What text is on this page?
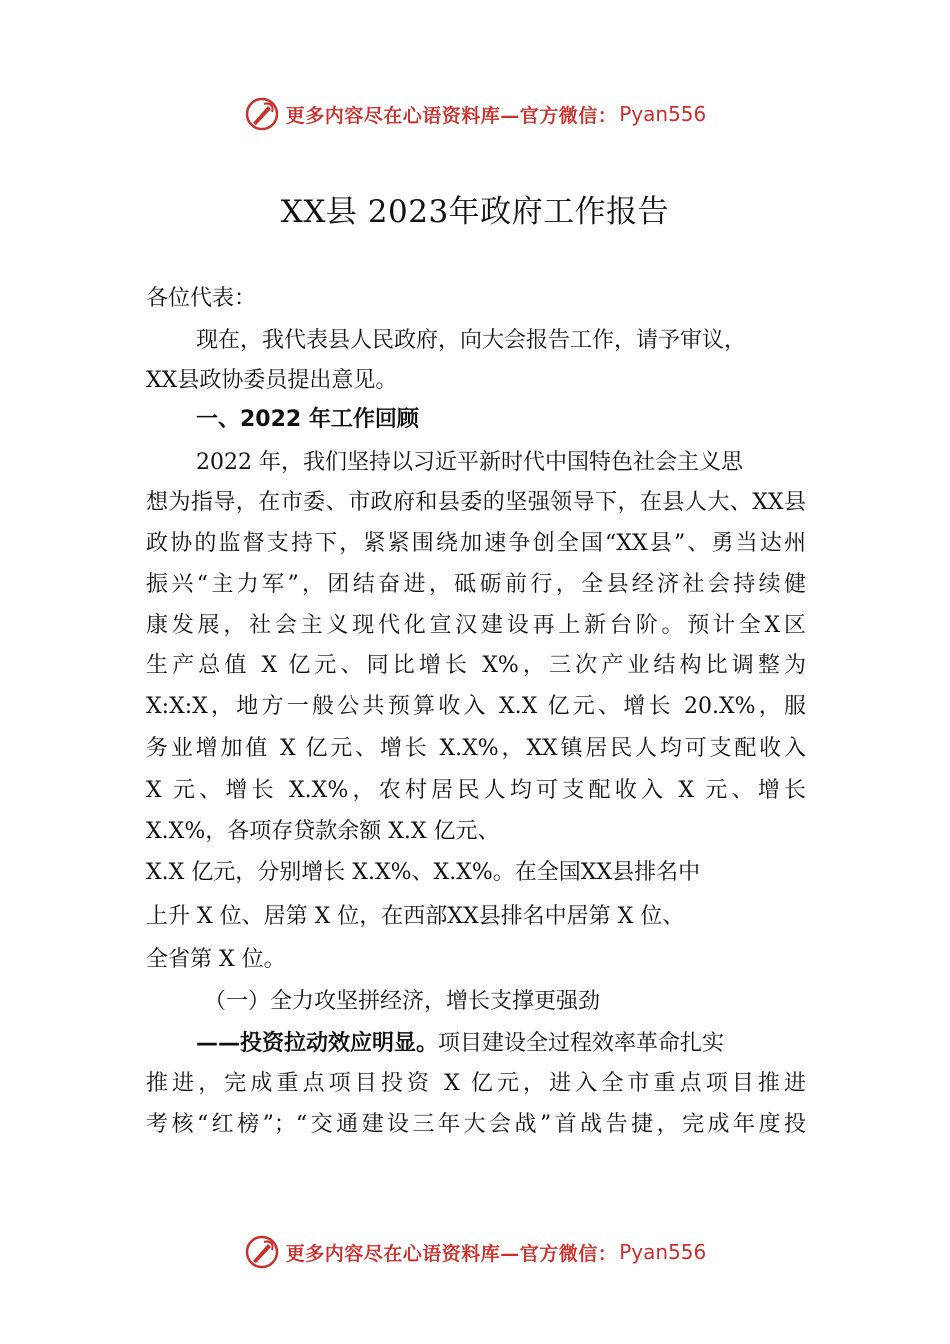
更多内容尽在心语资料库—官方微信： Pyan556
XX县 2023年政府工作报告
各位代表：
现在，我代表县人民政府，向大会报告工作，请予审议，
XX县政协委员提出意见。
一、2022 年工作回顾
2022 年，我们坚持以习近平新时代中国特色社会主义思
想为指导，在市委、市政府和县委的坚强领导下，在县人大、XX县
政协的监督支持下，紧紧围绕加速争创全国“XX县”、勇当达州
振兴“主力军”，团结奋进，砥砺前行，全县经济社会持续健
康发展，社会主义现代化宣汉建设再上新台阶。预计全X区
生产总值 X 亿元、同比增长 X%，三次产业结构比调整为
X:X:X，地方一般公共预算收入 X.X 亿元、增长 20.X%，服
务业增加值 X 亿元、增长 X.X%，XX镇居民人均可支配收入
X 元、增长 X.X%，农村居民人均可支配收入 X 元、增长
X.X%，各项存贷款余额 X.X 亿元、
X.X 亿元，分别增长 X.X%、X.X%。在全国XX县排名中
上升 X 位、居第 X 位，在西部XX县排名中居第 X 位、
全省第 X 位。
（一）全力攻坚拼经济，增长支撑更强劲
——投资拉动效应明显。项目建设全过程效率革命扎实
推进，完成重点项目投资 X 亿元，进入全市重点项目推进
考核“红榜”；“交通建设三年大会战”首战告捷，完成年度投
更多内容尽在心语资料库—官方微信： Pyan556
